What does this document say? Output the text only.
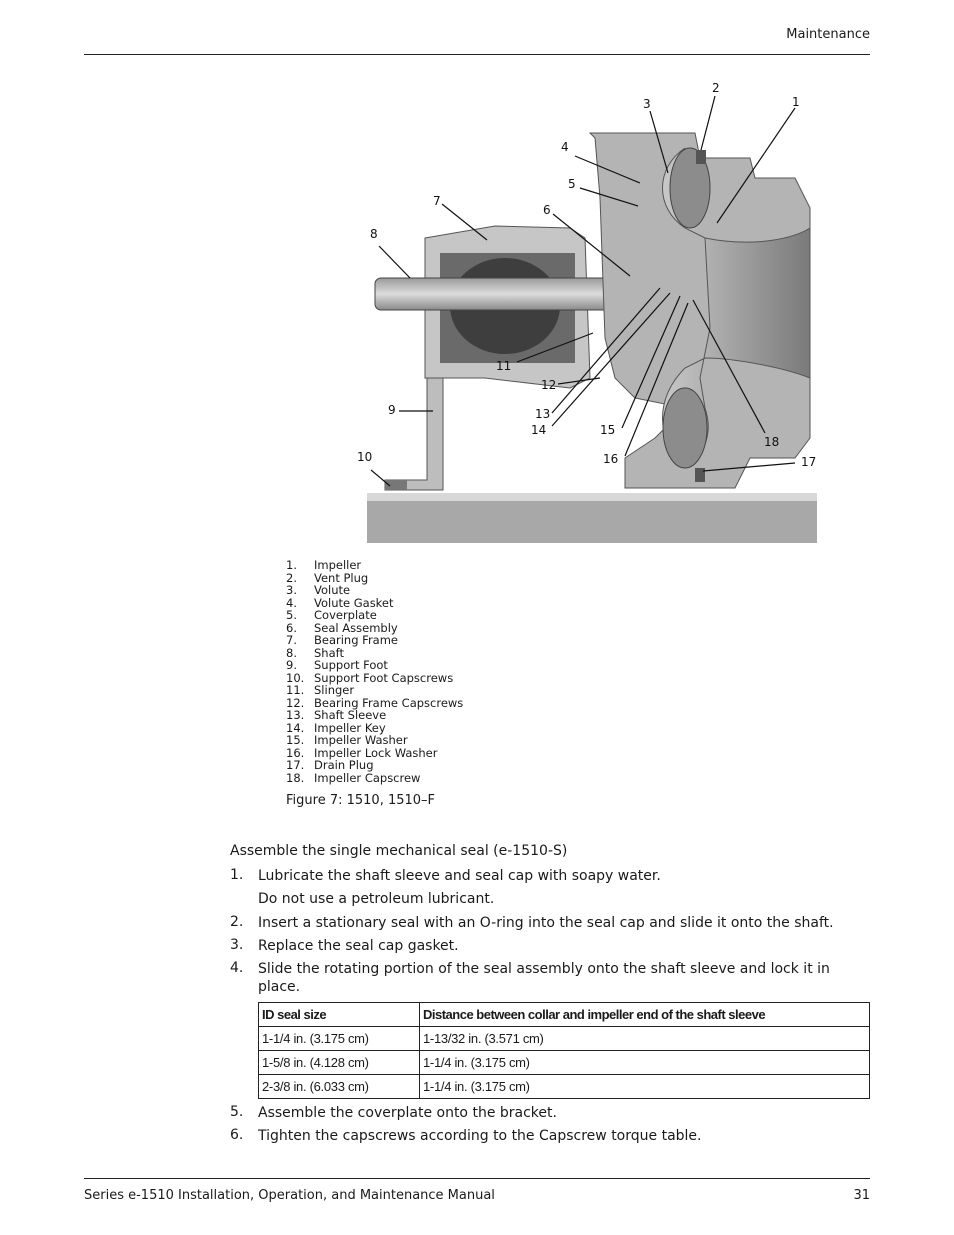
Maintenance
1
2
3
4
5
6
7
8
9
10
11
12
13
14	15
16	17
18
1.	Impeller
2.	Vent Plug
3.	Volute
4.	Volute Gasket
5.	Coverplate
6.	Seal Assembly
7.	Bearing Frame
8.	Shaft
9.	Support Foot
10. Support Foot Capscrews
11. Slinger
12. Bearing Frame Capscrews
13. Shaft Sleeve
14. Impeller Key
15. Impeller Washer
16. Impeller Lock Washer
17. Drain Plug
18. Impeller Capscrew
Figure 7: 1510, 1510–F
Assemble the single mechanical seal (e-1510-S)
1.	Lubricate the shaft sleeve and seal cap with soapy water.
Do not use a petroleum lubricant.
2.	Insert a stationary seal with an O-ring into the seal cap and slide it onto the shaft.
3.	Replace the seal cap gasket.
4.	Slide the rotating portion of the seal assembly onto the shaft sleeve and lock it in place.
5.	Assemble the coverplate onto the bracket.
6.	Tighten the capscrews according to the Capscrew torque table.
ID seal size	Distance between collar and impeller end of the shaft sleeve
1-1/4 in. (3.175 cm)	1-13/32 in. (3.571 cm)
1-5/8 in. (4.128 cm)	1-1/4 in. (3.175 cm)
2-3/8 in. (6.033 cm)	1-1/4 in. (3.175 cm)
Series e-1510 Installation, Operation, and Maintenance Manual	31
